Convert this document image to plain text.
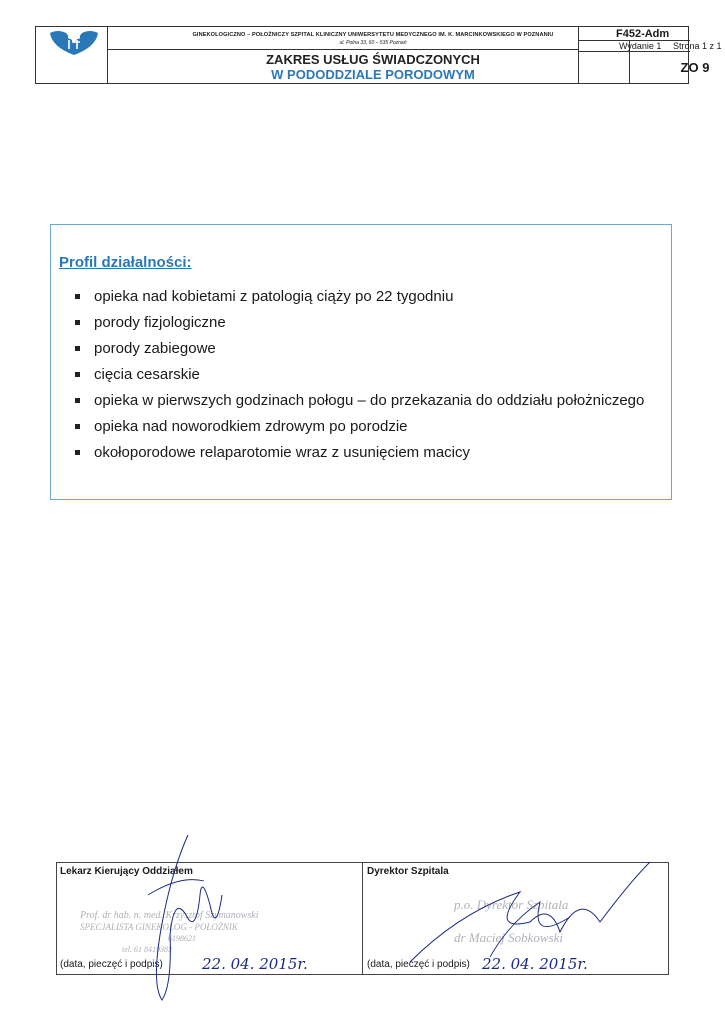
GINEKOLOGICZNO – POŁOŻNICZY SZPITAL KLINICZNY UNIWERSYTETU MEDYCZNEGO IM. K. MARCINKOWSKIEGO W POZNANIU
ul. Polna 33, 60 – 535 Poznań
ZAKRES USŁUG ŚWIADCZONYCH
W PODODDZIALE PORODOWYM
F452-Adm
Wydanie 1 Strona 1 z 1
ZO 9
Profil działalności:
opieka nad kobietami z patologią ciąży po 22 tygodniu
porody fizjologiczne
porody zabiegowe
cięcia cesarskie
opieka w pierwszych godzinach połogu – do przekazania do oddziału położniczego
opieka nad noworodkiem zdrowym po porodzie
okołoporodowe relaparotomie wraz z usunięciem macicy
Lekarz Kierujący Oddziałem
Prof. dr hab. n. med. Krzysztof Szymanowski
SPECJALISTA GINEKOLOG - POŁOŻNIK
6198621
tel. 61 8419383
(data, pieczęć i podpis)	22. 04. 2015r.
Dyrektor Szpitala
p.o. Dyrektor Szpitala
dr Maciej Sobkowski
(data, pieczęć i podpis) 22. 04. 2015r.
